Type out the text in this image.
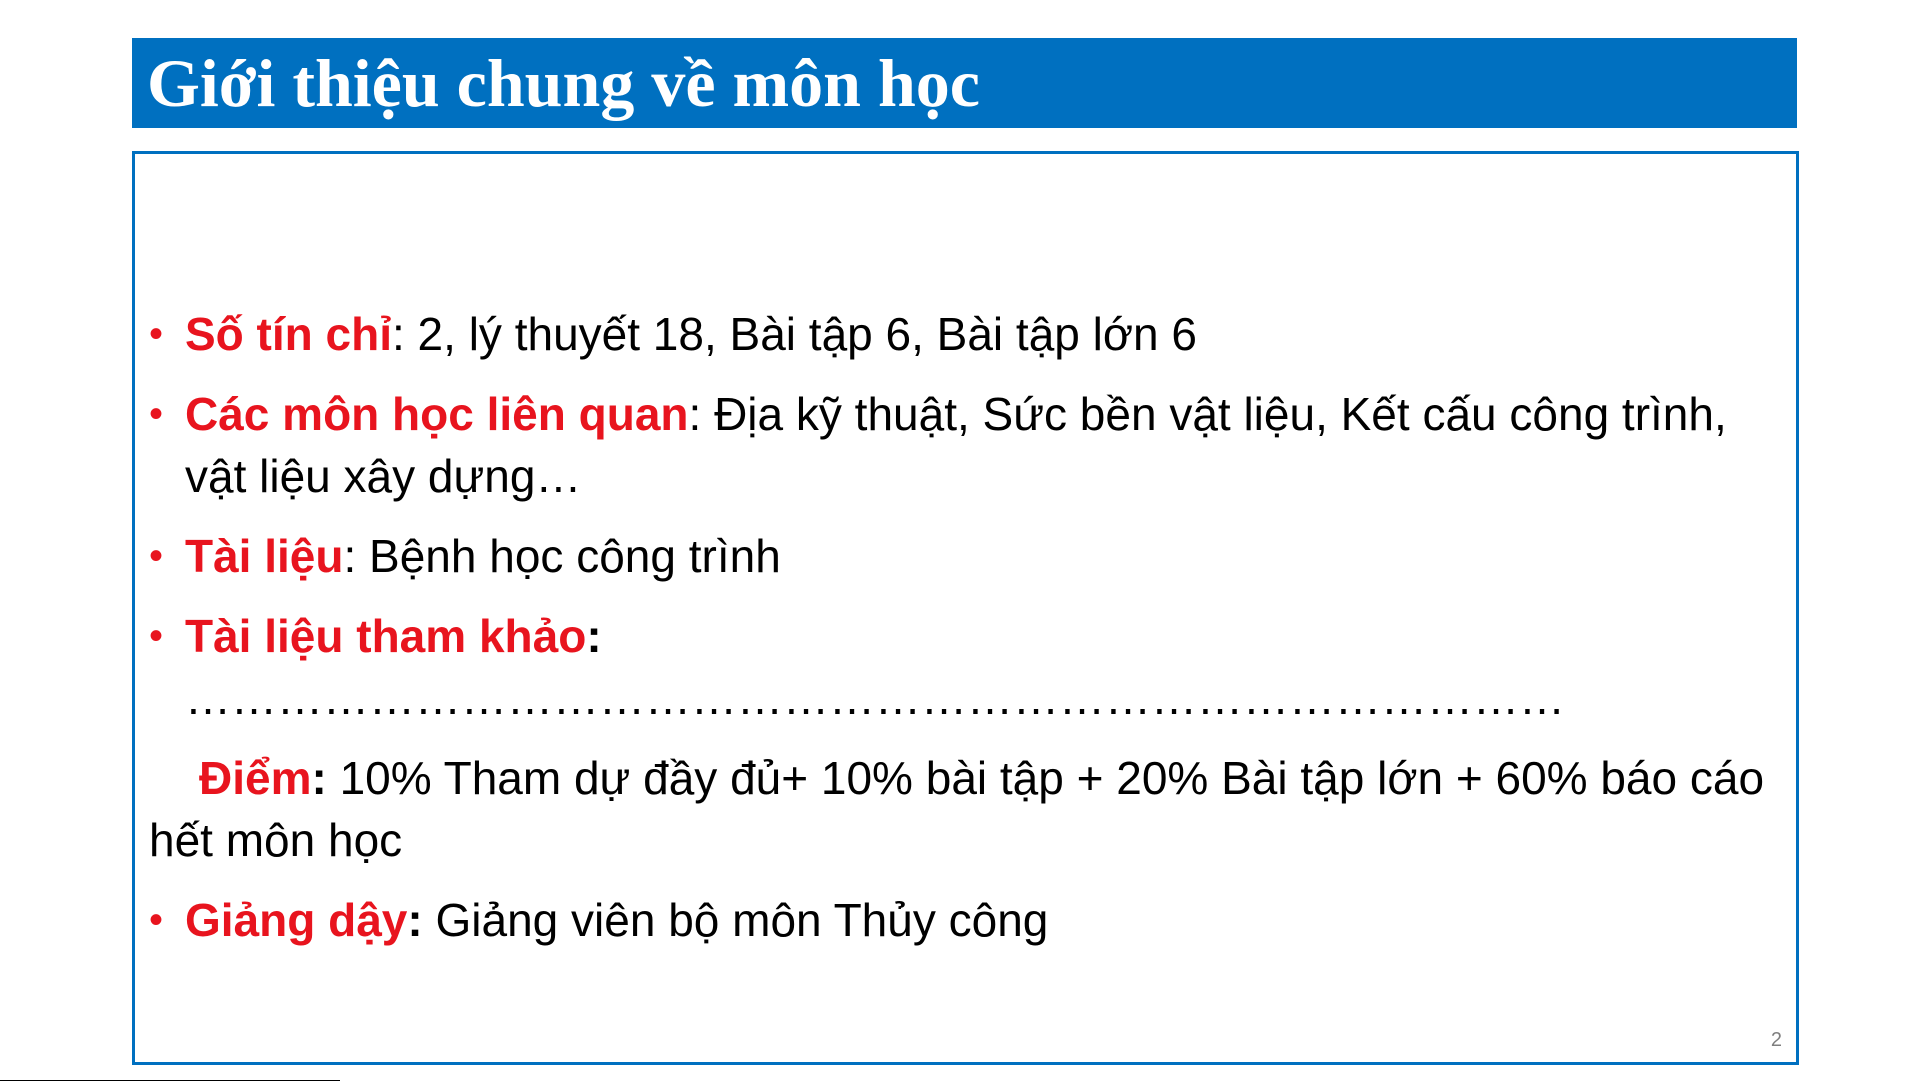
Giới thiệu chung về môn học
• Số tín chỉ: 2, lý thuyết 18, Bài tập 6, Bài tập lớn 6
• Các môn học liên quan: Địa kỹ thuật, Sức bền vật liệu, Kết cấu công trình, vật liệu xây dựng…
• Tài liệu: Bệnh học công trình
• Tài liệu tham khảo: ………………………………………………………………………………
Điểm: 10% Tham dự đầy đủ+ 10% bài tập + 20% Bài tập lớn + 60% báo cáo hết môn học
• Giảng dậy: Giảng viên bộ môn Thủy công
2
